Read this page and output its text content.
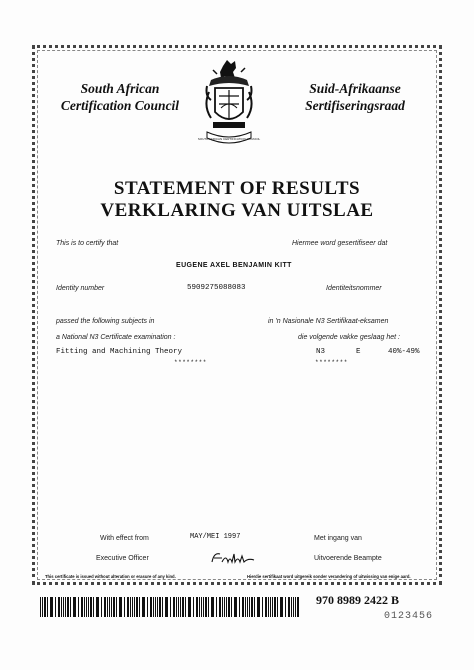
South African
Certification Council
Suid-Afrikaanse
Sertifiseringsraad
SOUTH AFRICAN CERTIFICATION COUNCIL
STATEMENT OF RESULTS
VERKLARING VAN UITSLAE
This is to certify that	Hiermee word gesertifiseer dat
EUGENE AXEL BENJAMIN KITT
Identity number	5909275088083	Identiteitsnommer
passed the following subjects in	in 'n Nasionale N3 Sertifikaat-eksamen
a National N3 Certificate examination :	die volgende vakke geslaag het :
Fitting and Machining Theory	N3	E	40%-49%
********	********
With effect from	MAY/MEI 1997	Met ingang van
Executive Officer	Uitvoerende Beampte
This certificate is issued without alteration or erasure of any kind.	Hierdie sertifikaat word uitgereik sonder verandering of uitwissing van enige aard.
970 8989 2422 B
0123456
